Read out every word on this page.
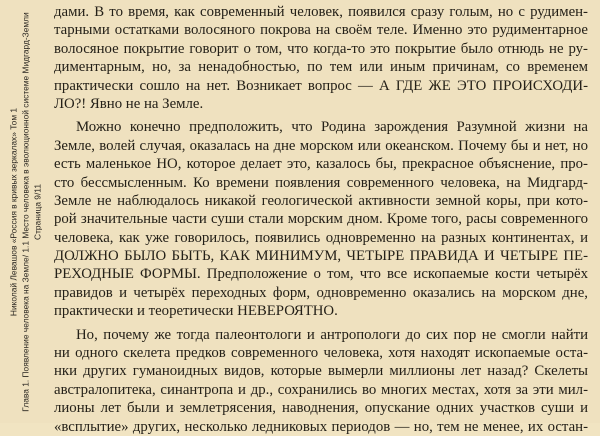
Николай Левашов «Россия в кривых зеркалах» Том 1 Глава 1. Появление человека на Земле/ 1.1 Место человека в эволюционной системе Мидгард-Земли Страница 9/11
дами. В то время, как современный человек, появился сразу голым, но с рудимен-
тарными остатками волосяного покрова на своём теле. Именно это рудиментарное
волосяное покрытие говорит о том, что когда-то это покрытие было отнюдь не ру-
диментарным, но, за ненадобностью, по тем или иным причинам, со временем
практически сошло на нет. Возникает вопрос — А ГДЕ ЖЕ ЭТО ПРОИСХОДИ-
ЛО?! Явно не на Земле.
Можно конечно предположить, что Родина зарождения Разумной жизни на
Земле, волей случая, оказалась на дне морском или океанском. Почему бы и нет, но
есть маленькое НО, которое делает это, казалось бы, прекрасное объяснение, про-
сто бессмысленным. Ко времени появления современного человека, на Мидгард-
Земле не наблюдалось никакой геологической активности земной коры, при кото-
рой значительные части суши стали морским дном. Кроме того, расы современного
человека, как уже говорилось, появились одновременно на разных континентах, и
ДОЛЖНО БЫЛО БЫТЬ, КАК МИНИМУМ, ЧЕТЫРЕ ПРАВИДА И ЧЕТЫРЕ ПЕ-
РЕХОДНЫЕ ФОРМЫ. Предположение о том, что все ископаемые кости четырёх
правидов и четырёх переходных форм, одновременно оказались на морском дне,
практически и теоретически НЕВЕРОЯТНО.
Но, почему же тогда палеонтологи и антропологи до сих пор не смогли найти
ни одного скелета предков современного человека, хотя находят ископаемые оста-
нки других гуманоидных видов, которые вымерли миллионы лет назад? Скелеты
австралопитека, синантропа и др., сохранились во многих местах, хотя за эти мил-
лионы лет были и землетрясения, наводнения, опускание одних участков суши и
«всплытие» других, несколько ледниковых периодов — но, тем не менее, их остан-
